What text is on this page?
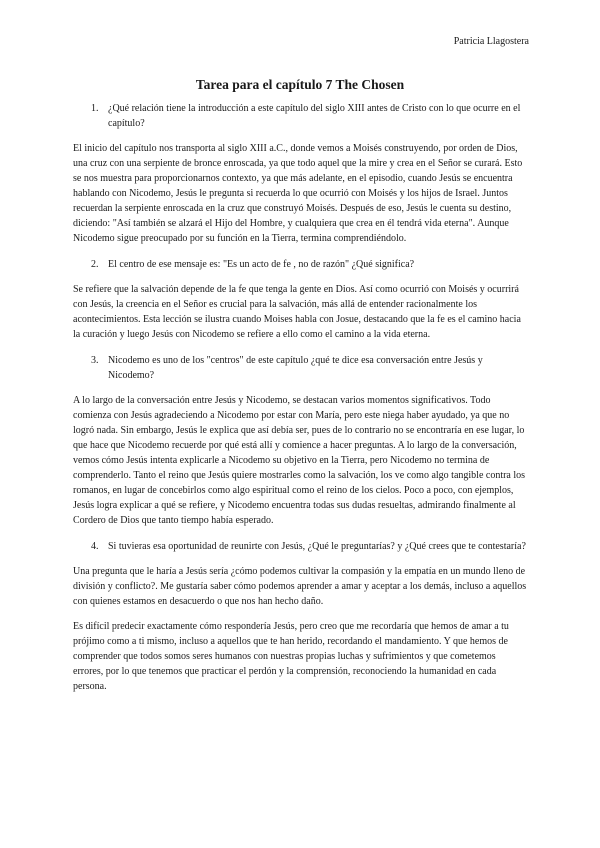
Patricia Llagostera
Tarea para el capítulo 7 The Chosen
1. ¿Qué relación tiene la introducción a este capítulo del siglo XIII antes de Cristo con lo que ocurre en el capítulo?

El inicio del capítulo nos transporta al siglo XIII a.C., donde vemos a Moisés construyendo, por orden de Dios, una cruz con una serpiente de bronce enroscada, ya que todo aquel que la mire y crea en el Señor se curará. Esto se nos muestra para proporcionarnos contexto, ya que más adelante, en el episodio, cuando Jesús se encuentra hablando con Nicodemo, Jesús le pregunta si recuerda lo que ocurrió con Moisés y los hijos de Israel. Juntos recuerdan la serpiente enroscada en la cruz que construyó Moisés. Después de eso, Jesús le cuenta su destino, diciendo: "Así también se alzará el Hijo del Hombre, y cualquiera que crea en él tendrá vida eterna". Aunque Nicodemo sigue preocupado por su función en la Tierra, termina comprendiéndolo.

2. El centro de ese mensaje es: "Es un acto de fe , no de razón" ¿Qué significa?

Se refiere que la salvación depende de la fe que tenga la gente en Dios. Así como ocurrió con Moisés y ocurrirá con Jesús, la creencia en el Señor es crucial para la salvación, más allá de entender racionalmente los acontecimientos. Esta lección se ilustra cuando Moises habla con Josue, destacando que la fe es el camino hacia la curación y luego Jesús con Nicodemo se refiere a ello como el camino a la vida eterna.

3. Nicodemo es uno de los "centros" de este capítulo ¿qué te dice esa conversación entre Jesús y Nicodemo?

A lo largo de la conversación entre Jesús y Nicodemo, se destacan varios momentos significativos. Todo comienza con Jesús agradeciendo a Nicodemo por estar con María, pero este niega haber ayudado, ya que no logró nada. Sin embargo, Jesús le explica que así debía ser, pues de lo contrario no se encontraría en ese lugar, lo que hace que Nicodemo recuerde por qué está allí y comience a hacer preguntas. A lo largo de la conversación, vemos cómo Jesús intenta explicarle a Nicodemo su objetivo en la Tierra, pero Nicodemo no termina de comprenderlo. Tanto el reino que Jesús quiere mostrarles como la salvación, los ve como algo tangible contra los romanos, en lugar de concebirlos como algo espiritual como el reino de los cielos. Poco a poco, con ejemplos, Jesús logra explicar a qué se refiere, y Nicodemo encuentra todas sus dudas resueltas, admirando finalmente al Cordero de Dios que tanto tiempo había esperado.

4. Si tuvieras esa oportunidad de reunirte con Jesús, ¿Qué le preguntarías? y ¿Qué crees que te contestaría?

Una pregunta que le haría a Jesús sería ¿cómo podemos cultivar la compasión y la empatía en un mundo lleno de división y conflicto?. Me gustaría saber cómo podemos aprender a amar y aceptar a los demás, incluso a aquellos con quienes estamos en desacuerdo o que nos han hecho daño.

Es difícil predecir exactamente cómo respondería Jesús, pero creo que me recordaría que hemos de amar a tu prójimo como a ti mismo, incluso a aquellos que te han herido, recordando el mandamiento. Y que hemos de comprender que todos somos seres humanos con nuestras propias luchas y sufrimientos y que cometemos errores, por lo que tenemos que practicar el perdón y la comprensión, reconociendo la humanidad en cada persona.
